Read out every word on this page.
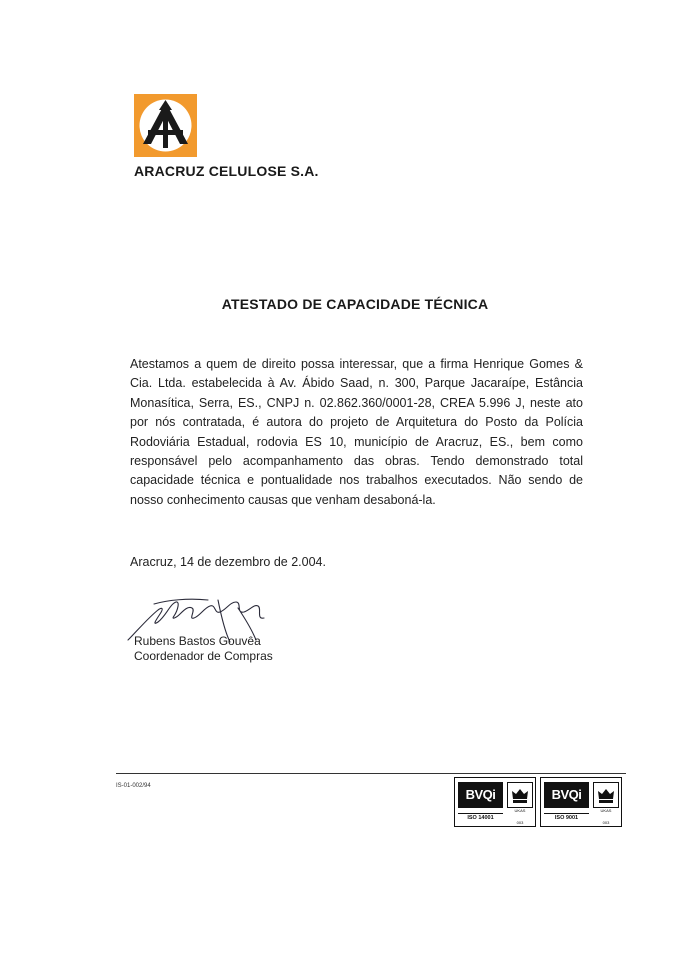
ARACRUZ CELULOSE S.A.
ATESTADO DE CAPACIDADE TÉCNICA
Atestamos a quem de direito possa interessar, que a firma Henrique Gomes & Cia. Ltda. estabelecida à Av. Ábido Saad, n. 300, Parque Jacaraípe, Estância Monasítica, Serra, ES., CNPJ n. 02.862.360/0001-28, CREA 5.996 J, neste ato por nós contratada, é autora do projeto de Arquitetura do Posto da Polícia Rodoviária Estadual, rodovia ES 10, município de Aracruz, ES., bem como responsável pelo acompanhamento das obras. Tendo demonstrado total capacidade técnica e pontualidade nos trabalhos executados. Não sendo de nosso conhecimento causas que venham desaboná-la.
Aracruz, 14 de dezembro de 2.004.
Rubens Bastos Gouvêa
Coordenador de Compras
IS-01-002/94
BVQi
UKAS
ISO 14001
003
BVQi
UKAS
ISO 9001
003
